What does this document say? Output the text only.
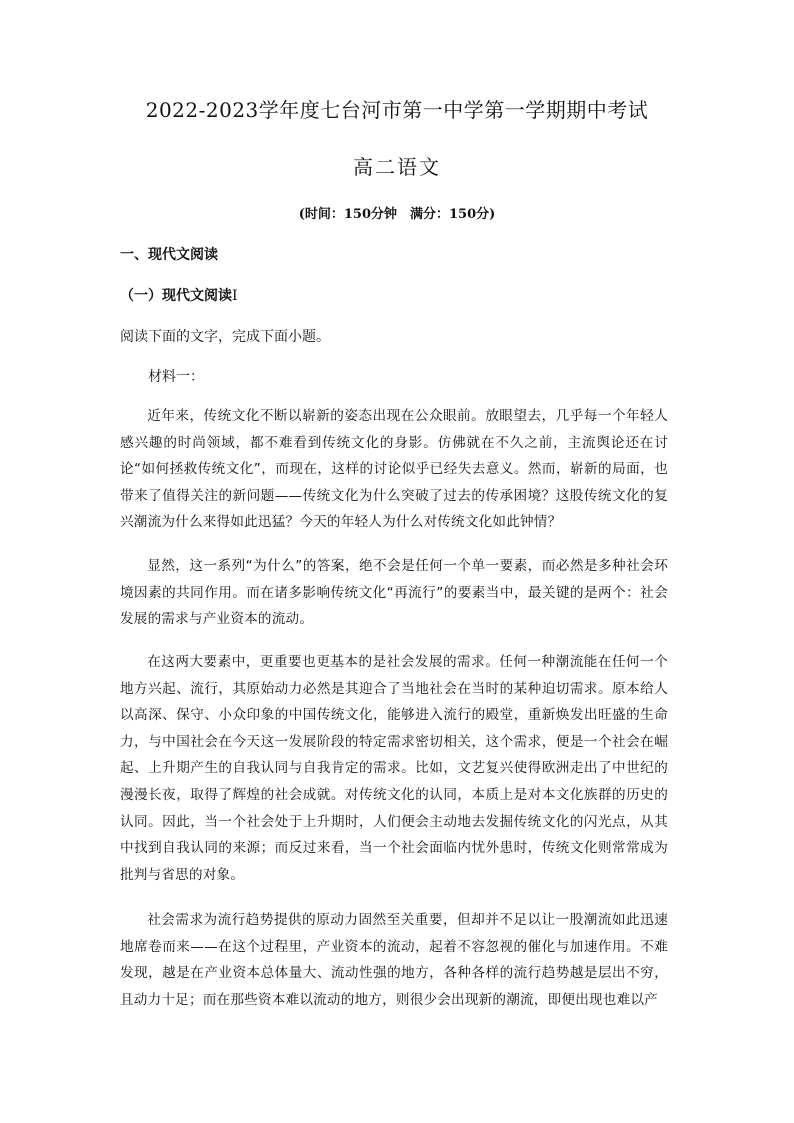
2022-2023学年度七台河市第一中学第一学期期中考试
高二语文
(时间：150分钟　满分：150分)
一、现代文阅读
（一）现代文阅读Ⅰ
阅读下面的文字，完成下面小题。
材料一：

近年来，传统文化不断以崭新的姿态出现在公众眼前。放眼望去，几乎每一个年轻人感兴趣的时尚领域，都不难看到传统文化的身影。仿佛就在不久之前，主流舆论还在讨论“如何拯救传统文化”，而现在，这样的讨论似乎已经失去意义。然而，崭新的局面，也带来了值得关注的新问题——传统文化为什么突破了过去的传承困境？这股传统文化的复兴潮流为什么来得如此迅猛？今天的年轻人为什么对传统文化如此钟情？

显然，这一系列“为什么”的答案，绝不会是任何一个单一要素，而必然是多种社会环境因素的共同作用。而在诸多影响传统文化“再流行”的要素当中，最关键的是两个：社会发展的需求与产业资本的流动。

在这两大要素中，更重要也更基本的是社会发展的需求。任何一种潮流能在任何一个地方兴起、流行，其原始动力必然是其迎合了当地社会在当时的某种迫切需求。原本给人以高深、保守、小众印象的中国传统文化，能够进入流行的殿堂，重新焕发出旺盛的生命力，与中国社会在今天这一发展阶段的特定需求密切相关，这个需求，便是一个社会在崛起、上升期产生的自我认同与自我肯定的需求。比如，文艺复兴使得欧洲走出了中世纪的漫漫长夜，取得了辉煌的社会成就。对传统文化的认同，本质上是对本文化族群的历史的认同。因此，当一个社会处于上升期时，人们便会主动地去发掘传统文化的闪光点，从其中找到自我认同的来源；而反过来看，当一个社会面临内忧外患时，传统文化则常常成为批判与省思的对象。

社会需求为流行趋势提供的原动力固然至关重要，但却并不足以让一股潮流如此迅速地席卷而来——在这个过程里，产业资本的流动，起着不容忽视的催化与加速作用。不难发现，越是在产业资本总体量大、流动性强的地方，各种各样的流行趋势越是层出不穷，且动力十足；而在那些资本难以流动的地方，则很少会出现新的潮流，即便出现也难以产
